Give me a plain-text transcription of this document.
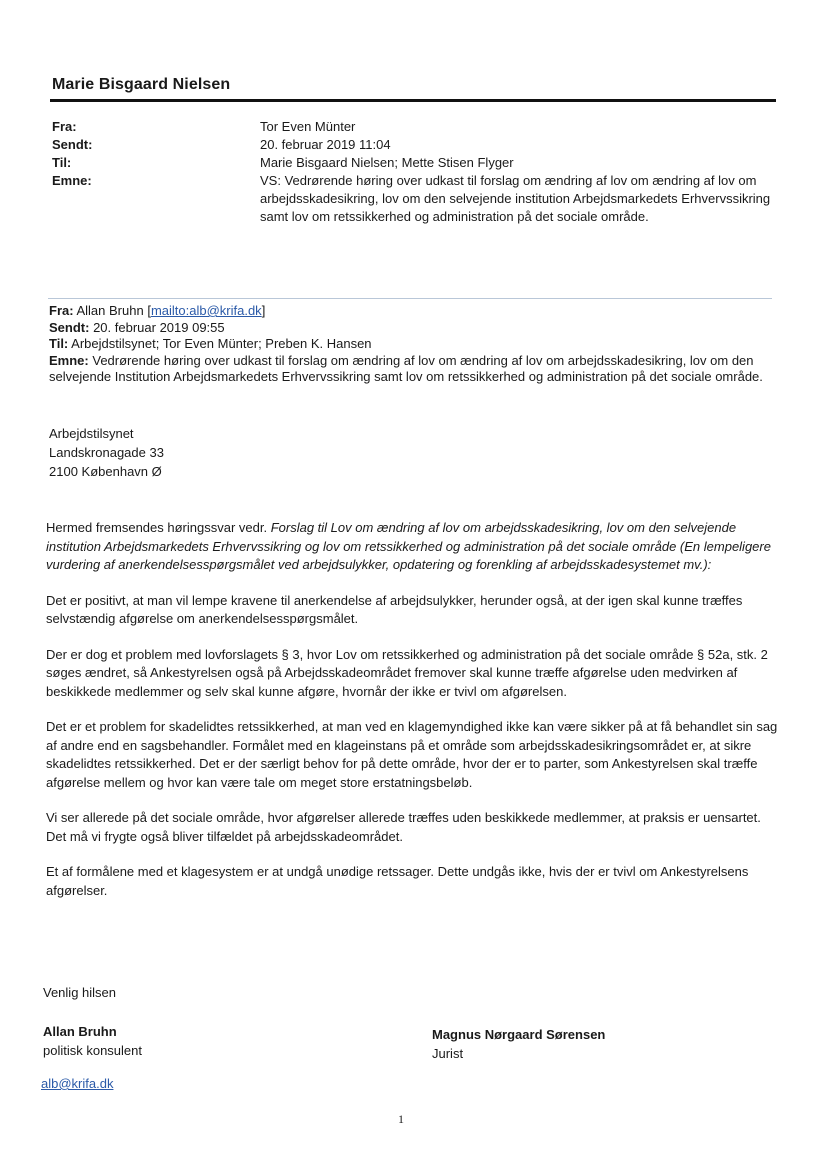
Marie Bisgaard Nielsen
Fra:
Sendt:
Til:
Emne:
Tor Even Münter
20. februar 2019 11:04
Marie Bisgaard Nielsen; Mette Stisen Flyger
VS: Vedrørende høring over udkast til forslag om ændring af lov om ændring af lov om arbejdsskadesikring, lov om den selvejende institution Arbejdsmarkedets Erhvervssikring samt lov om retssikkerhed og administration på det sociale område.
Fra: Allan Bruhn [mailto:alb@krifa.dk]
Sendt: 20. februar 2019 09:55
Til: Arbejdstilsynet; Tor Even Münter; Preben K. Hansen
Emne: Vedrørende høring over udkast til forslag om ændring af lov om ændring af lov om arbejdsskadesikring, lov om den selvejende Institution Arbejdsmarkedets Erhvervssikring samt lov om retssikkerhed og administration på det sociale område.
Arbejdstilsynet
Landskronagade 33
2100 København Ø

Hermed fremsendes høringssvar vedr. Forslag til Lov om ændring af lov om arbejdsskadesikring, lov om den selvejende institution Arbejdsmarkedets Erhvervssikring og lov om retssikkerhed og administration på det sociale område (En lempeligere vurdering af anerkendelsesspørgsmålet ved arbejdsulykker, opdatering og forenkling af arbejdsskadesystemet mv.):

Det er positivt, at man vil lempe kravene til anerkendelse af arbejdsulykker, herunder også, at der igen skal kunne træffes selvstændig afgørelse om anerkendelsesspørgsmålet.

Der er dog et problem med lovforslagets § 3, hvor Lov om retssikkerhed og administration på det sociale område § 52a, stk. 2 søges ændret, så Ankestyrelsen også på Arbejdsskadeområdet fremover skal kunne træffe afgørelse uden medvirken af beskikkede medlemmer og selv skal kunne afgøre, hvornår der ikke er tvivl om afgørelsen.

Det er et problem for skadelidtes retssikkerhed, at man ved en klagemyndighed ikke kan være sikker på at få behandlet sin sag af andre end en sagsbehandler. Formålet med en klageinstans på et område som arbejdsskadesikringsområdet er, at sikre skadelidtes retssikkerhed. Det er der særligt behov for på dette område, hvor der er to parter, som Ankestyrelsen skal træffe afgørelse mellem og hvor kan være tale om meget store erstatningsbeløb.

Vi ser allerede på det sociale område, hvor afgørelser allerede træffes uden beskikkede medlemmer, at praksis er uensartet. Det må vi frygte også bliver tilfældet på arbejdsskadeområdet.

Et af formålene med et klagesystem er at undgå unødige retssager. Dette undgås ikke, hvis der er tvivl om Ankestyrelsens afgørelser.

Venlig hilsen
Allan Bruhn
politisk konsulent
Magnus Nørgaard Sørensen
Jurist
alb@krifa.dk
1
